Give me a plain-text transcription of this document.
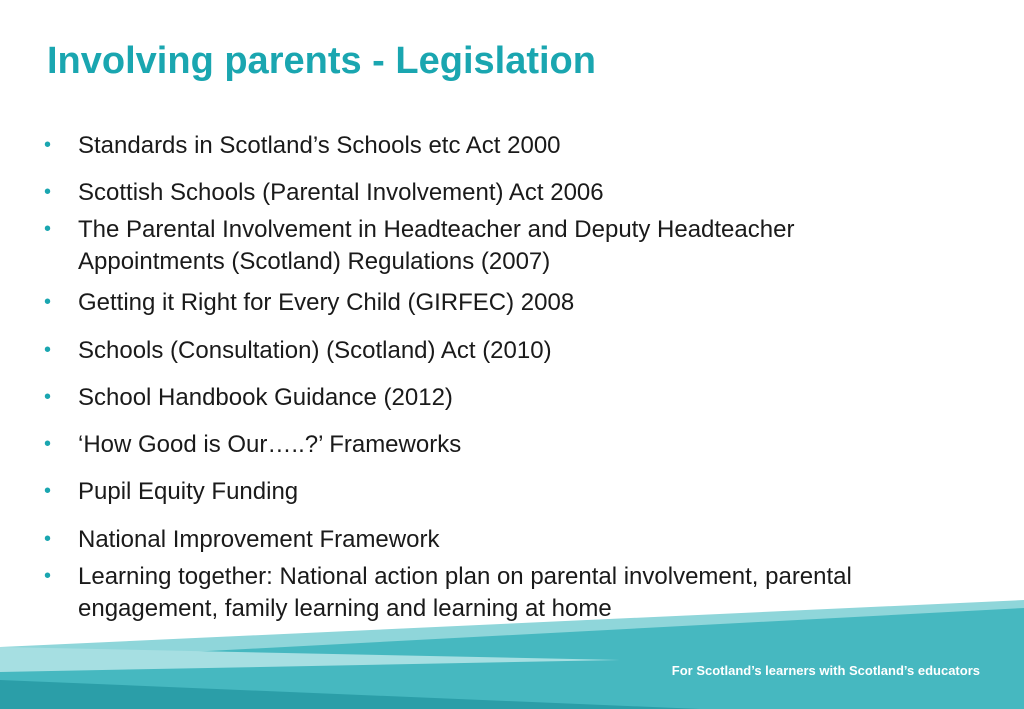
Involving parents - Legislation
• Standards in Scotland’s Schools etc Act 2000
• Scottish Schools (Parental Involvement) Act 2006
• The Parental Involvement in Headteacher and Deputy Headteacher Appointments (Scotland) Regulations (2007)
• Getting it Right for Every Child (GIRFEC) 2008
• Schools (Consultation) (Scotland) Act (2010)
• School Handbook Guidance (2012)
• ‘How Good is Our…..?’ Frameworks
• Pupil Equity Funding
• National Improvement Framework
• Learning together: National action plan on parental involvement, parental engagement, family learning and learning at home
For Scotland’s learners with Scotland’s educators
